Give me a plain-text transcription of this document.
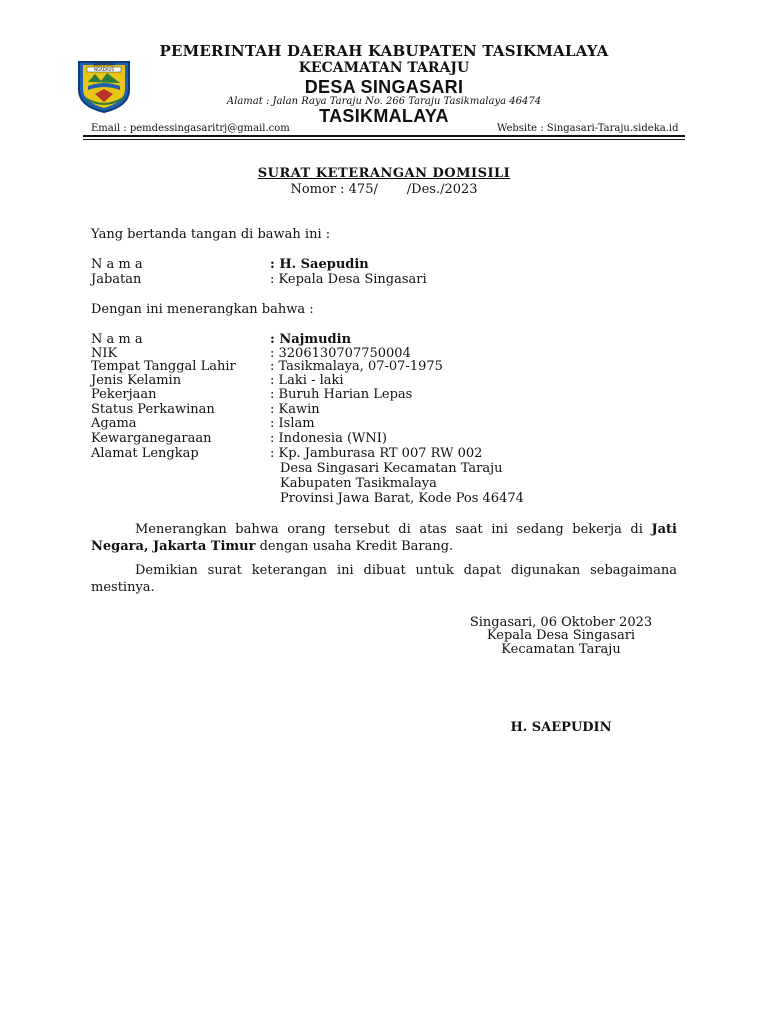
SUKAPURA NGADAUS
PEMERINTAH DAERAH KABUPATEN TASIKMALAYA
KECAMATAN TARAJU
DESA SINGASARI
Alamat : Jalan Raya Taraju No. 266 Taraju Tasikmalaya 46474
TASIKMALAYA
Email : pemdessingasaritrj@gmail.com	Website : Singasari-Taraju.sideka.id
SURAT KETERANGAN DOMISILI
Nomor : 475/       /Des./2023
Yang bertanda tangan di bawah ini :
N a m a	: H. Saepudin
Jabatan	: Kepala Desa Singasari
Dengan ini menerangkan bahwa :
N a m a	: Najmudin
NIK	: 3206130707750004
Tempat Tanggal Lahir	: Tasikmalaya, 07-07-1975
Jenis Kelamin	: Laki - laki
Pekerjaan	: Buruh Harian Lepas
Status Perkawinan	: Kawin
Agama	: Islam
Kewarganegaraan	: Indonesia (WNI)
Alamat Lengkap	: Kp. Jamburasa RT 007 RW 002
Desa Singasari Kecamatan Taraju
Kabupaten Tasikmalaya
Provinsi Jawa Barat, Kode Pos 46474
Menerangkan bahwa orang tersebut di atas saat ini sedang bekerja di Jati Negara, Jakarta Timur dengan usaha Kredit Barang.
Demikian surat keterangan ini dibuat untuk dapat digunakan sebagaimana mestinya.
Singasari, 06 Oktober 2023
Kepala Desa Singasari
Kecamatan Taraju
H. SAEPUDIN
